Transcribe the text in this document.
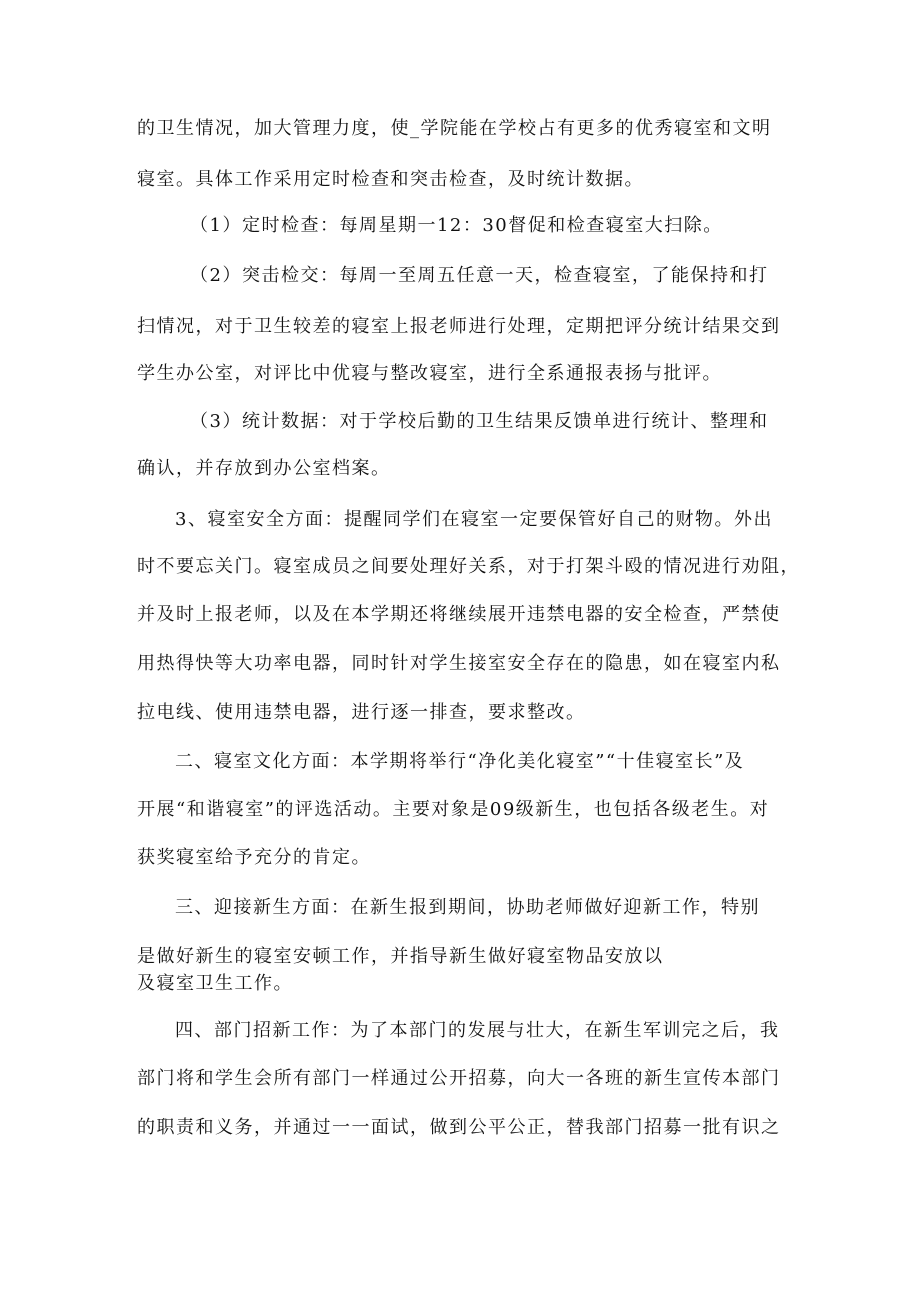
的卫生情况，加大管理力度，使_学院能在学校占有更多的优秀寝室和文明
寝室。具体工作采用定时检查和突击检查，及时统计数据。
（1）定时检查：每周星期一12：30督促和检查寝室大扫除。
（2）突击检交：每周一至周五任意一天，检查寝室，了能保持和打
扫情况，对于卫生较差的寝室上报老师进行处理，定期把评分统计结果交到
学生办公室，对评比中优寝与整改寝室，进行全系通报表扬与批评。
（3）统计数据：对于学校后勤的卫生结果反馈单进行统计、整理和
确认，并存放到办公室档案。
3、寝室安全方面：提醒同学们在寝室一定要保管好自己的财物。外出
时不要忘关门。寝室成员之间要处理好关系，对于打架斗殴的情况进行劝阻，
并及时上报老师，以及在本学期还将继续展开违禁电器的安全检查，严禁使
用热得快等大功率电器，同时针对学生接室安全存在的隐患，如在寝室内私
拉电线、使用违禁电器，进行逐一排查，要求整改。
二、寝室文化方面：本学期将举行“净化美化寝室”“十佳寝室长”及
开展“和谐寝室”的评选活动。主要对象是09级新生，也包括各级老生。对
获奖寝室给予充分的肯定。
三、迎接新生方面：在新生报到期间，协助老师做好迎新工作，特别
是做好新生的寝室安顿工作，并指导新生做好寝室物品安放以
及寝室卫生工作。
四、部门招新工作：为了本部门的发展与壮大，在新生军训完之后，我
部门将和学生会所有部门一样通过公开招募，向大一各班的新生宣传本部门
的职责和义务，并通过一一面试，做到公平公正，替我部门招募一批有识之
